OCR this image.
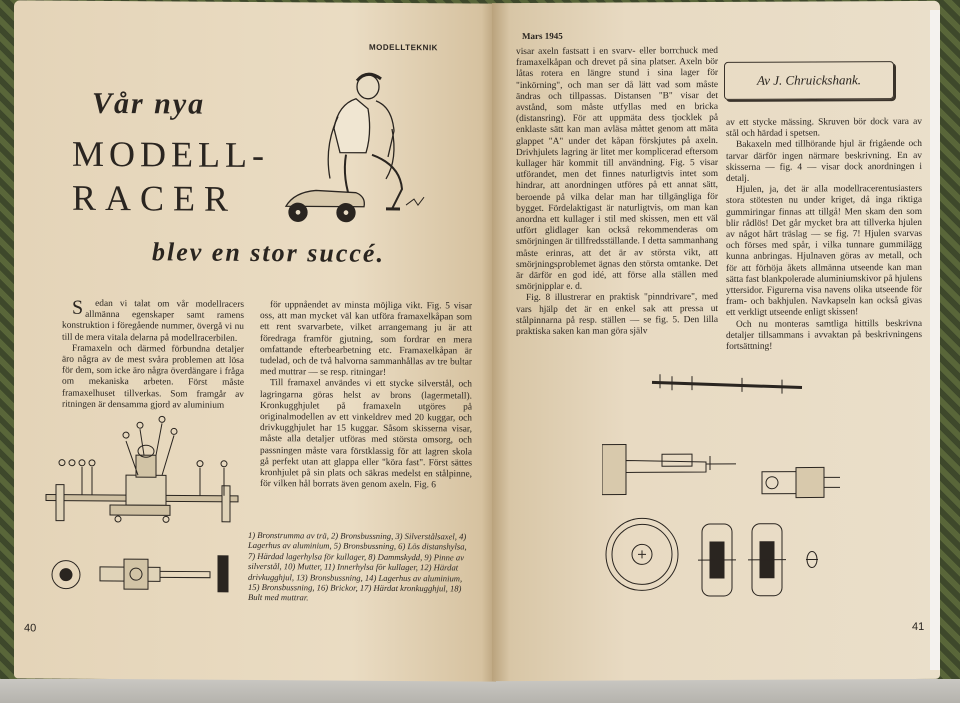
MODELLTEKNIK
Vår nya
MODELL-
RACER
blev en stor succé.

Sedan vi talat om vår modellracers allmänna egenskaper samt ramens konstruktion i föregående nummer, övergå vi nu till de mera vitala delarna på modellracerbilen.

Framaxeln och därmed förbundna detaljer äro några av de mest svåra problemen att lösa för dem, som icke äro några överdängare i fråga om mekaniska arbeten. Först måste framaxelhuset tillverkas. Som framgår av ritningen är densamma gjord av aluminium

för uppnåendet av minsta möjliga vikt. Fig. 5 visar oss, att man mycket väl kan utföra framaxelkåpan som ett rent svarvarbete, vilket arrangemang ju är att föredraga framför gjutning, som fordrar en mera omfattande efterbearbetning etc. Framaxelkåpan är tudelad, och de två halvorna sammanhållas av tre bultar med muttrar — se resp. ritningar!

Till framaxel användes vi ett stycke silverstål, och lagringarna göras helst av brons (lagermetall). Kronkugghjulet på framaxeln utgöres på originalmodellen av ett vinkeldrev med 20 kuggar, och drivkugghjulet har 15 kuggar. Såsom skisserna visar, måste alla detaljer utföras med största omsorg, och passningen måste vara förstklassig för att lagren skola gå perfekt utan att glappa eller "köra fast". Först sättes kronhjulet på sin plats och säkras medelst en stålpinne, för vilken hål borrats även genom axeln. Fig. 6

1) Bronstrumma av trä, 2) Bronsbussning, 3) Silverstålsaxel, 4) Lagerhus av aluminium, 5) Bronsbussning, 6) Lös distanshylsa, 7) Härdad lagerhylsa för kullager, 8) Dammskydd, 9) Pinne av silverstål, 10) Mutter, 11) Innerhylsa för kullager, 12) Härdat drivkugghjul, 13) Bronsbussning, 14) Lagerhus av aluminium, 15) Bronsbussning, 16) Brickor, 17) Härdat kronkugghjul, 18) Bult med muttrar.
40
Mars 1945
Av J. Chruickshank.

visar axeln fastsatt i en svarv- eller borrchuck med framaxelkåpan och drevet på sina platser. Axeln bör låtas rotera en längre stund i sina lager för "inkörning", och man ser då lätt vad som måste ändras och tillpassas. Distansen "B" visar det avstånd, som måste utfyllas med en bricka (distansring). För att uppmäta dess tjocklek på enklaste sätt kan man avläsa måttet genom att mäta glappet "A" under det kåpan förskjutes på axeln. Drivhjulets lagring är litet mer komplicerad eftersom kullager här kommit till användning. Fig. 5 visar utförandet, men det finnes naturligtvis intet som hindrar, att anordningen utföres på ett annat sätt, beroende på vilka delar man har tillgängliga för bygget. Fördelaktigast är naturligtvis, om man kan anordna ett kullager i stil med skissen, men ett väl utfört glidlager kan också rekommenderas om smörjningen är tillfredsställande. I detta sammanhang måste erinras, att det är av största vikt, att smörjningsproblemet ägnas den största omtanke. Det är därför en god idé, att förse alla ställen med smörjnipplar e. d.

Fig. 8 illustrerar en praktisk "pinndrivare", med vars hjälp det är en enkel sak att pressa ut stålpinnarna på resp. ställen — se fig. 5. Den lilla praktiska saken kan man göra själv

av ett stycke mässing. Skruven bör dock vara av stål och härdad i spetsen.

Bakaxeln med tillhörande hjul är frigående och tarvar därför ingen närmare beskrivning. En av skisserna — fig. 4 — visar dock anordningen i detalj.

Hjulen, ja, det är alla modellracerentusiasters stora stötesten nu under kriget, då inga riktiga gummiringar finnas att tillgå! Men skam den som blir rådlös! Det går mycket bra att tillverka hjulen av något hårt träslag — se fig. 7! Hjulen svarvas och förses med spår, i vilka tunnare gummilägg kunna anbringas. Hjulnaven göras av metall, och för att förhöja åkets allmänna utseende kan man sätta fast blankpolerade aluminiumskivor på hjulens yttersidor. Figurerna visa navens olika utseende för fram- och bakhjulen. Navkapseln kan också givas ett verkligt utseende enligt skissen!

Och nu monteras samtliga hittills beskrivna detaljer tillsammans i avvaktan på beskrivningens fortsättning!

41
